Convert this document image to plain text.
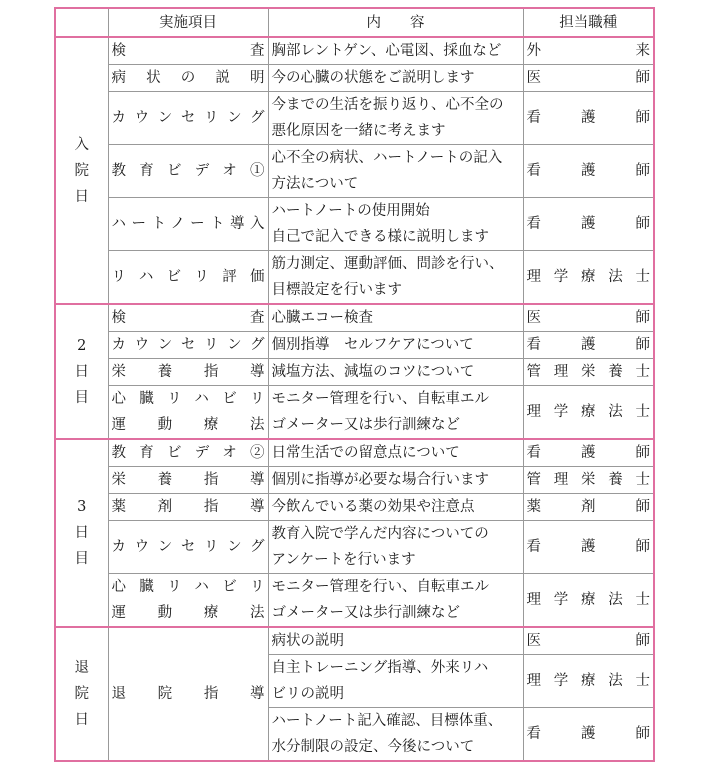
	実施項目	内　　容	担当職種
入院日	検査	胸部レントゲン、心電図、採血など	外来

	病状の説明	今の心臓の状態をご説明します	医師

	カウンセリング	今までの生活を振り返り、心不全の
悪化原因を一緒に考えます	看護師

	教育ビデオ①	心不全の病状、ハートノートの記入
方法について	看護師

	ハートノート導入	ハートノートの使用開始
自己で記入できる様に説明します	看護師

	リハビリ評価	筋力測定、運動評価、問診を行い、
目標設定を行います	理学療法士

2日目	検査	心臓エコー検査	医師

	カウンセリング	個別指導　セルフケアについて	看護師

	栄養指導	減塩方法、減塩のコツについて	管理栄養士

	心臓リハビリ
運動療法	モニター管理を行い、自転車エル
ゴメーター又は歩行訓練など	理学療法士

3日目	教育ビデオ②	日常生活での留意点について	看護師

	栄養指導	個別に指導が必要な場合行います	管理栄養士

	薬剤指導	今飲んでいる薬の効果や注意点	薬剤師

	カウンセリング	教育入院で学んだ内容についての
アンケートを行います	看護師

	心臓リハビリ
運動療法	モニター管理を行い、自転車エル
ゴメーター又は歩行訓練など	理学療法士

退院日	退院指導	病状の説明	医師

		自主トレーニング指導、外来リハ
ビリの説明	理学療法士

		ハートノート記入確認、目標体重、
水分制限の設定、今後について	看護師
